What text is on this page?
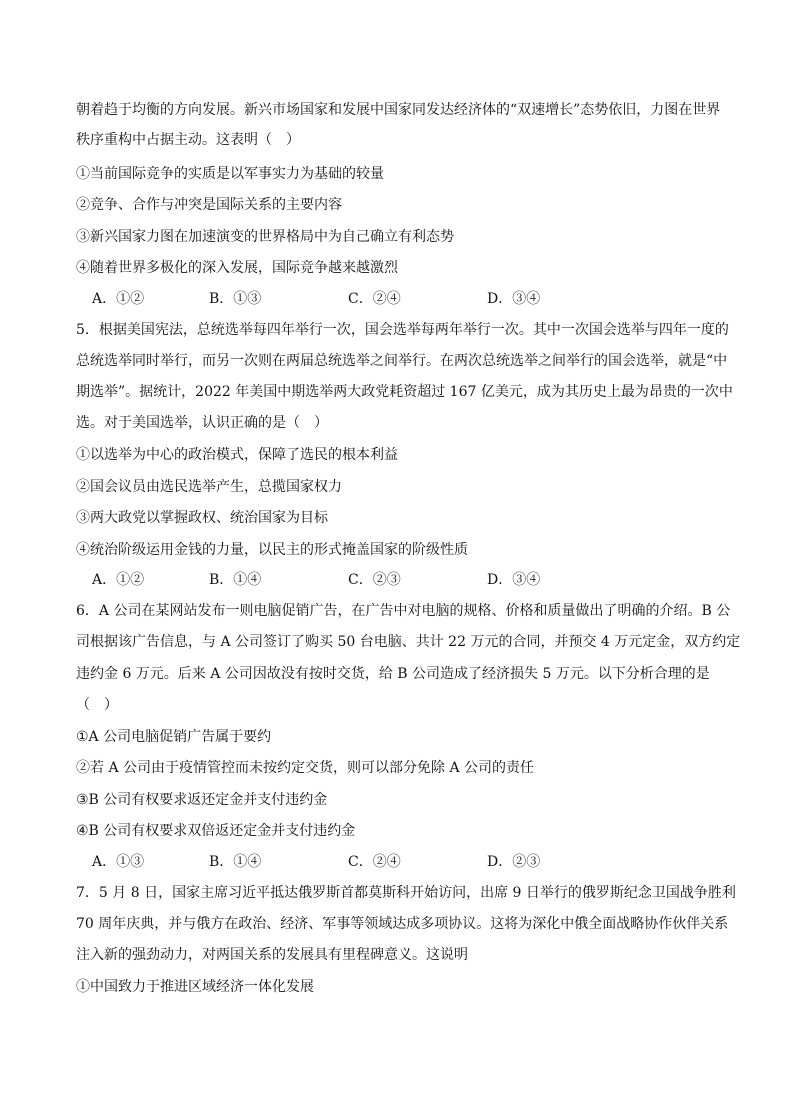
朝着趋于均衡的方向发展。新兴市场国家和发展中国家同发达经济体的“双速增长”态势依旧，力图在世界
秩序重构中占据主动。这表明（　）
①当前国际竞争的实质是以军事实力为基础的较量
②竞争、合作与冲突是国际关系的主要内容
③新兴国家力图在加速演变的世界格局中为自己确立有利态势
④随着世界多极化的深入发展，国际竞争越来越激烈
A．①②	B．①③	C．②④	D．③④
5．根据美国宪法，总统选举每四年举行一次，国会选举每两年举行一次。其中一次国会选举与四年一度的
总统选举同时举行，而另一次则在两届总统选举之间举行。在两次总统选举之间举行的国会选举，就是“中
期选举”。据统计，2022 年美国中期选举两大政党耗资超过 167 亿美元，成为其历史上最为昂贵的一次中
选。对于美国选举，认识正确的是（　）
①以选举为中心的政治模式，保障了选民的根本利益
②国会议员由选民选举产生，总揽国家权力
③两大政党以掌握政权、统治国家为目标
④统治阶级运用金钱的力量，以民主的形式掩盖国家的阶级性质
A．①②	B．①④	C．②③	D．③④
6．A 公司在某网站发布一则电脑促销广告，在广告中对电脑的规格、价格和质量做出了明确的介绍。B 公
司根据该广告信息，与 A 公司签订了购买 50 台电脑、共计 22 万元的合同，并预交 4 万元定金，双方约定
违约金 6 万元。后来 A 公司因故没有按时交货，给 B 公司造成了经济损失 5 万元。以下分析合理的是
（　）
①A 公司电脑促销广告属于要约
②若 A 公司由于疫情管控而未按约定交货，则可以部分免除 A 公司的责任
③B 公司有权要求返还定金并支付违约金
④B 公司有权要求双倍返还定金并支付违约金
A．①③	B．①④	C．②④	D．②③
7．5 月 8 日，国家主席习近平抵达俄罗斯首都莫斯科开始访问，出席 9 日举行的俄罗斯纪念卫国战争胜利
70 周年庆典，并与俄方在政治、经济、军事等领域达成多项协议。这将为深化中俄全面战略协作伙伴关系
注入新的强劲动力，对两国关系的发展具有里程碑意义。这说明
①中国致力于推进区域经济一体化发展
